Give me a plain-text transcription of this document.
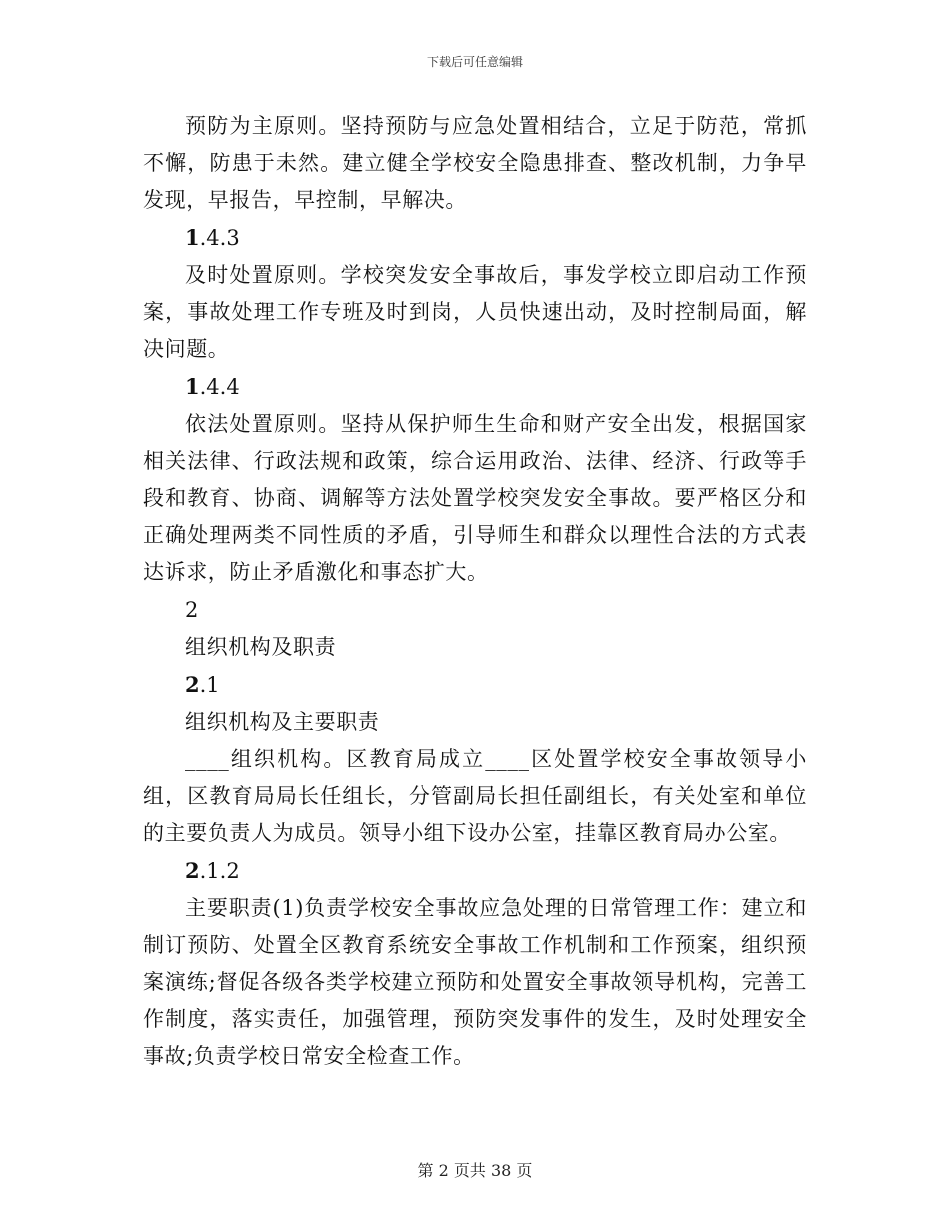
下载后可任意编辑

预防为主原则。坚持预防与应急处置相结合，立足于防范，常抓不懈，防患于未然。建立健全学校安全隐患排查、整改机制，力争早发现，早报告，早控制，早解决。

1.4.3

及时处置原则。学校突发安全事故后，事发学校立即启动工作预案，事故处理工作专班及时到岗，人员快速出动，及时控制局面，解决问题。

1.4.4

依法处置原则。坚持从保护师生生命和财产安全出发，根据国家相关法律、行政法规和政策，综合运用政治、法律、经济、行政等手段和教育、协商、调解等方法处置学校突发安全事故。要严格区分和正确处理两类不同性质的矛盾，引导师生和群众以理性合法的方式表达诉求，防止矛盾激化和事态扩大。

2

组织机构及职责

2.1

组织机构及主要职责

____组织机构。区教育局成立____区处置学校安全事故领导小组，区教育局局长任组长，分管副局长担任副组长，有关处室和单位的主要负责人为成员。领导小组下设办公室，挂靠区教育局办公室。

2.1.2

主要职责(1)负责学校安全事故应急处理的日常管理工作：建立和制订预防、处置全区教育系统安全事故工作机制和工作预案，组织预案演练;督促各级各类学校建立预防和处置安全事故领导机构，完善工作制度，落实责任，加强管理，预防突发事件的发生，及时处理安全事故;负责学校日常安全检查工作。

第 2 页共 38 页
